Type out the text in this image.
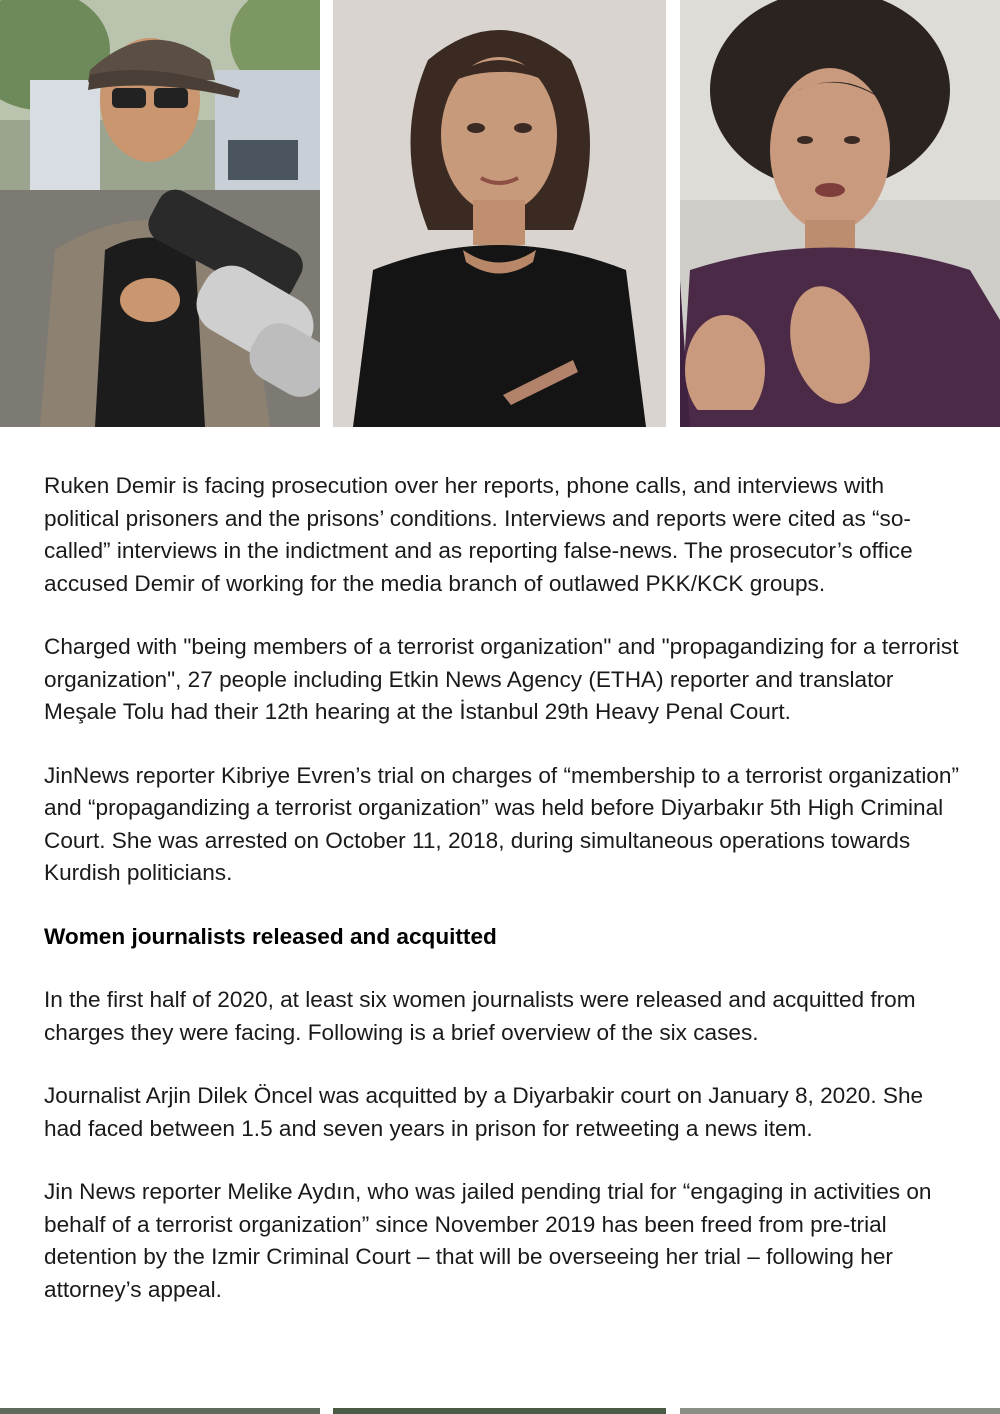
Ruken Demir is facing prosecution over her reports, phone calls, and interviews with political prisoners and the prisons’ conditions. Interviews and reports were cited as “so-called” interviews in the indictment and as reporting false-news. The prosecutor’s office accused Demir of working for the media branch of outlawed PKK/KCK groups.

Charged with "being members of a terrorist organization" and "propagandizing for a terrorist organization", 27 people including Etkin News Agency (ETHA) reporter and translator Meşale Tolu had their 12th hearing at the İstanbul 29th Heavy Penal Court.

JinNews reporter Kibriye Evren’s trial on charges of “membership to a terrorist organization” and “propagandizing a terrorist organization” was held before Diyarbakır 5th High Criminal Court. She was arrested on October 11, 2018, during simultaneous operations towards Kurdish politicians.

Women journalists released and acquitted

In the first half of 2020, at least six women journalists were released and acquitted from charges they were facing. Following is a brief overview of the six cases.

Journalist Arjin Dilek Öncel was acquitted by a Diyarbakir court on January 8, 2020. She had faced between 1.5 and seven years in prison for retweeting a news item.

Jin News reporter Melike Aydın, who was jailed pending trial for “engaging in activities on behalf of a terrorist organization” since November 2019 has been freed from pre-trial detention by the Izmir Criminal Court – that will be overseeing her trial – following her attorney’s appeal.
